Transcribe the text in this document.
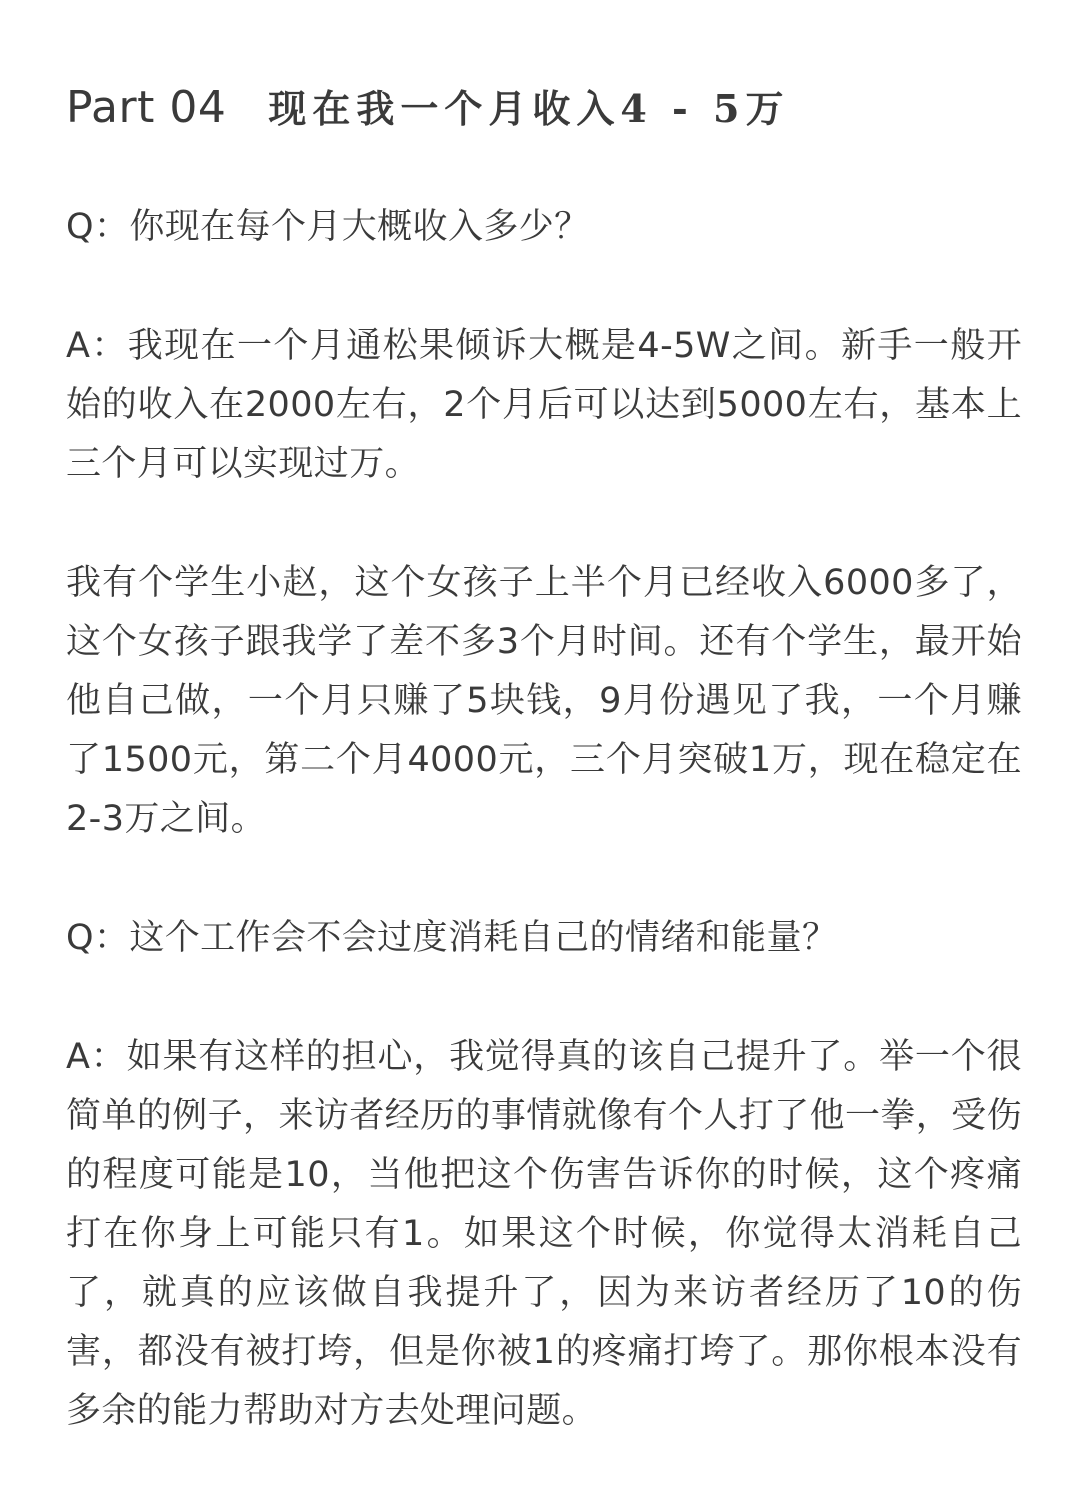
Part 04 现在我一个月收入4 - 5万

Q：你现在每个月大概收入多少？

A：我现在一个月通松果倾诉大概是4-5W之间。新手一般开始的收入在2000左右，2个月后可以达到5000左右，基本上三个月可以实现过万。

我有个学生小赵，这个女孩子上半个月已经收入6000多了，这个女孩子跟我学了差不多3个月时间。还有个学生，最开始他自己做，一个月只赚了5块钱，9月份遇见了我，一个月赚了1500元，第二个月4000元，三个月突破1万，现在稳定在2-3万之间。

Q：这个工作会不会过度消耗自己的情绪和能量？

A：如果有这样的担心，我觉得真的该自己提升了。举一个很简单的例子，来访者经历的事情就像有个人打了他一拳，受伤的程度可能是10，当他把这个伤害告诉你的时候，这个疼痛打在你身上可能只有1。如果这个时候，你觉得太消耗自己了，就真的应该做自我提升了，因为来访者经历了10的伤害，都没有被打垮，但是你被1的疼痛打垮了。那你根本没有多余的能力帮助对方去处理问题。
